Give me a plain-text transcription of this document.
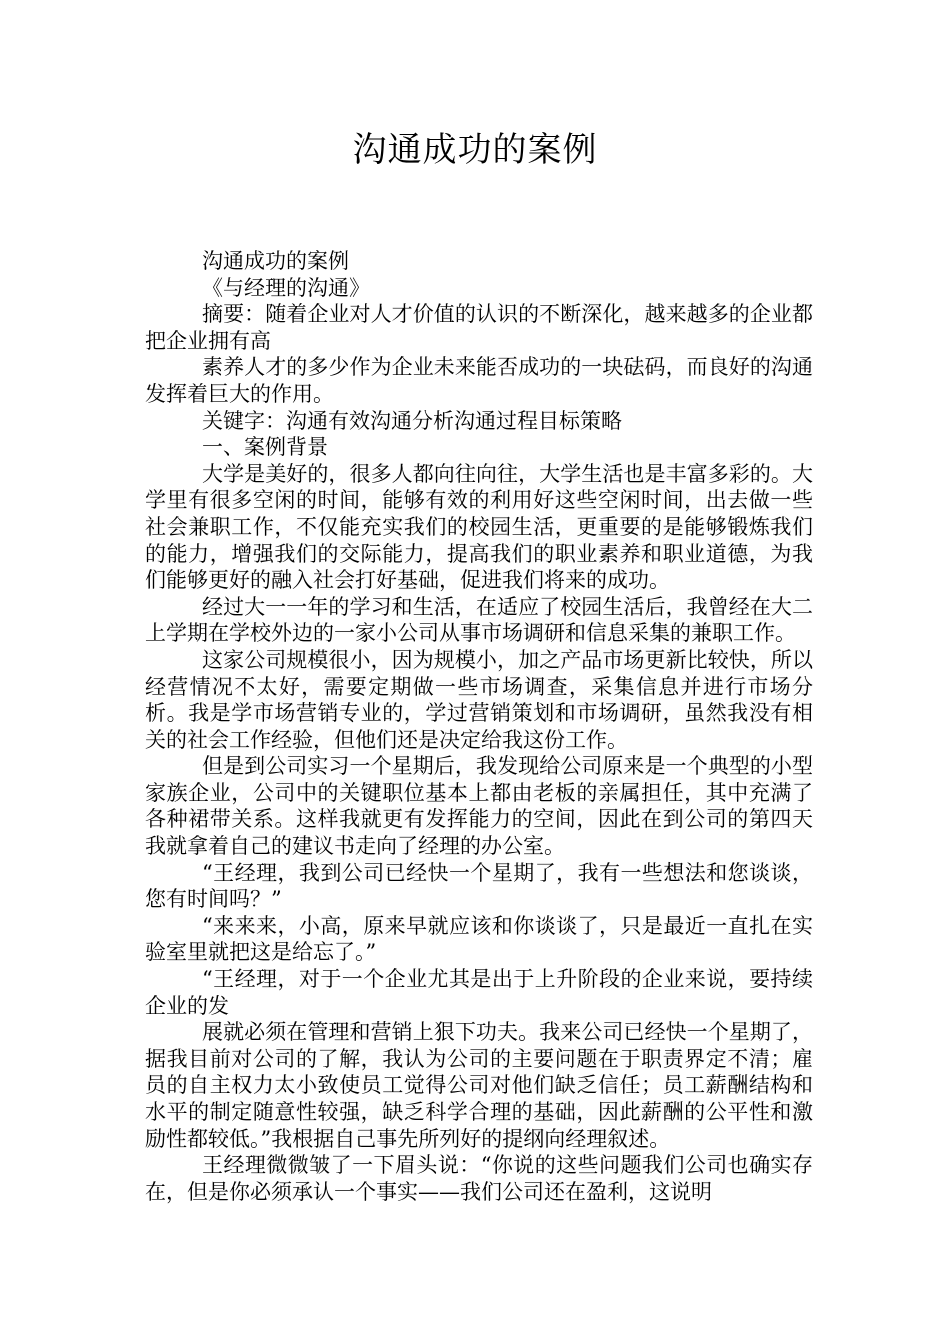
沟通成功的案例

沟通成功的案例

《与经理的沟通》

摘要：随着企业对人才价值的认识的不断深化，越来越多的企业都把企业拥有高

素养人才的多少作为企业未来能否成功的一块砝码，而良好的沟通发挥着巨大的作用。

关键字：沟通有效沟通分析沟通过程目标策略

一、案例背景

大学是美好的，很多人都向往向往，大学生活也是丰富多彩的。大学里有很多空闲的时间，能够有效的利用好这些空闲时间，出去做一些社会兼职工作，不仅能充实我们的校园生活，更重要的是能够锻炼我们的能力，增强我们的交际能力，提高我们的职业素养和职业道德，为我们能够更好的融入社会打好基础，促进我们将来的成功。

经过大一一年的学习和生活，在适应了校园生活后，我曾经在大二上学期在学校外边的一家小公司从事市场调研和信息采集的兼职工作。

这家公司规模很小，因为规模小，加之产品市场更新比较快，所以经营情况不太好，需要定期做一些市场调查，采集信息并进行市场分析。我是学市场营销专业的，学过营销策划和市场调研，虽然我没有相关的社会工作经验，但他们还是决定给我这份工作。

但是到公司实习一个星期后，我发现给公司原来是一个典型的小型家族企业，公司中的关键职位基本上都由老板的亲属担任，其中充满了各种裙带关系。这样我就更有发挥能力的空间，因此在到公司的第四天我就拿着自己的建议书走向了经理的办公室。

“王经理，我到公司已经快一个星期了，我有一些想法和您谈谈，您有时间吗？”

“来来来，小高，原来早就应该和你谈谈了，只是最近一直扎在实验室里就把这是给忘了。”

“王经理，对于一个企业尤其是出于上升阶段的企业来说，要持续企业的发

展就必须在管理和营销上狠下功夫。我来公司已经快一个星期了，据我目前对公司的了解，我认为公司的主要问题在于职责界定不清；雇员的自主权力太小致使员工觉得公司对他们缺乏信任；员工薪酬结构和水平的制定随意性较强，缺乏科学合理的基础，因此薪酬的公平性和激励性都较低。”我根据自己事先所列好的提纲向经理叙述。

王经理微微皱了一下眉头说：“你说的这些问题我们公司也确实存在，但是你必须承认一个事实——我们公司还在盈利，这说明
